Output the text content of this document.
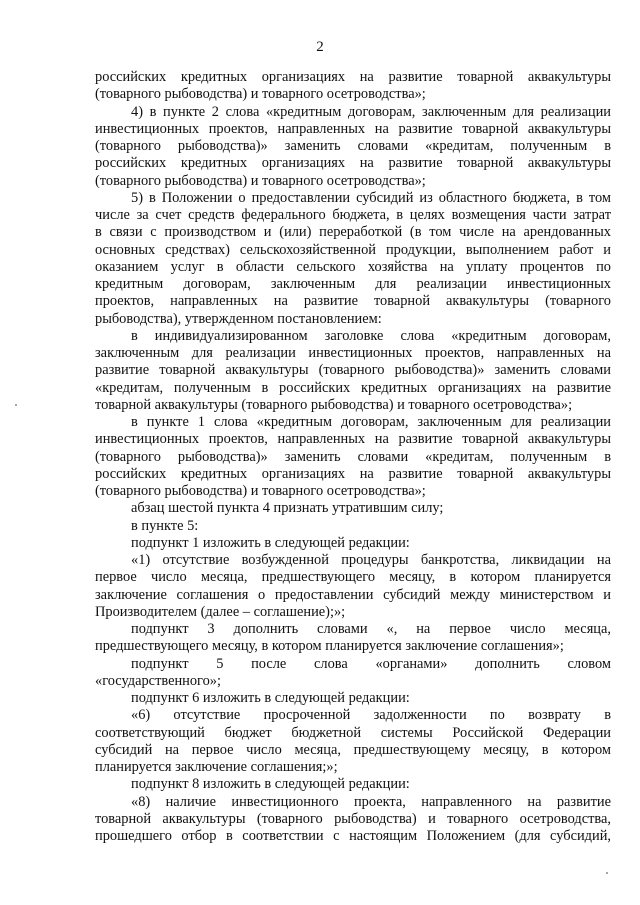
2
российских кредитных организациях на развитие товарной аквакультуры
(товарного рыбоводства) и товарного осетроводства»;
4) в пункте 2 слова «кредитным договорам, заключенным для реализации
инвестиционных проектов, направленных на развитие товарной аквакультуры
(товарного рыбоводства)» заменить словами «кредитам, полученным в
российских кредитных организациях на развитие товарной аквакультуры
(товарного рыбоводства) и товарного осетроводства»;
5) в Положении о предоставлении субсидий из областного бюджета, в том
числе за счет средств федерального бюджета, в целях возмещения части затрат
в связи с производством и (или) переработкой (в том числе на арендованных
основных средствах) сельскохозяйственной продукции, выполнением работ и
оказанием услуг в области сельского хозяйства на уплату процентов по
кредитным договорам, заключенным для реализации инвестиционных
проектов, направленных на развитие товарной аквакультуры (товарного
рыбоводства), утвержденном постановлением:
в индивидуализированном заголовке слова «кредитным договорам,
заключенным для реализации инвестиционных проектов, направленных на
развитие товарной аквакультуры (товарного рыбоводства)» заменить словами
«кредитам, полученным в российских кредитных организациях на развитие
товарной аквакультуры (товарного рыбоводства) и товарного осетроводства»;
в пункте 1 слова «кредитным договорам, заключенным для реализации
инвестиционных проектов, направленных на развитие товарной аквакультуры
(товарного рыбоводства)» заменить словами «кредитам, полученным в
российских кредитных организациях на развитие товарной аквакультуры
(товарного рыбоводства) и товарного осетроводства»;
абзац шестой пункта 4 признать утратившим силу;
в пункте 5:
подпункт 1 изложить в следующей редакции:
«1) отсутствие возбужденной процедуры банкротства, ликвидации на
первое число месяца, предшествующего месяцу, в котором планируется
заключение соглашения о предоставлении субсидий между министерством и
Производителем (далее – соглашение);»;
подпункт 3 дополнить словами «, на первое число месяца,
предшествующего месяцу, в котором планируется заключение соглашения»;
подпункт 5 после слова «органами» дополнить словом
«государственного»;
подпункт 6 изложить в следующей редакции:
«6) отсутствие просроченной задолженности по возврату в
соответствующий бюджет бюджетной системы Российской Федерации
субсидий на первое число месяца, предшествующему месяцу, в котором
планируется заключение соглашения;»;
подпункт 8 изложить в следующей редакции:
«8) наличие инвестиционного проекта, направленного на развитие
товарной аквакультуры (товарного рыбоводства) и товарного осетроводства,
прошедшего отбор в соответствии с настоящим Положением (для субсидий,
